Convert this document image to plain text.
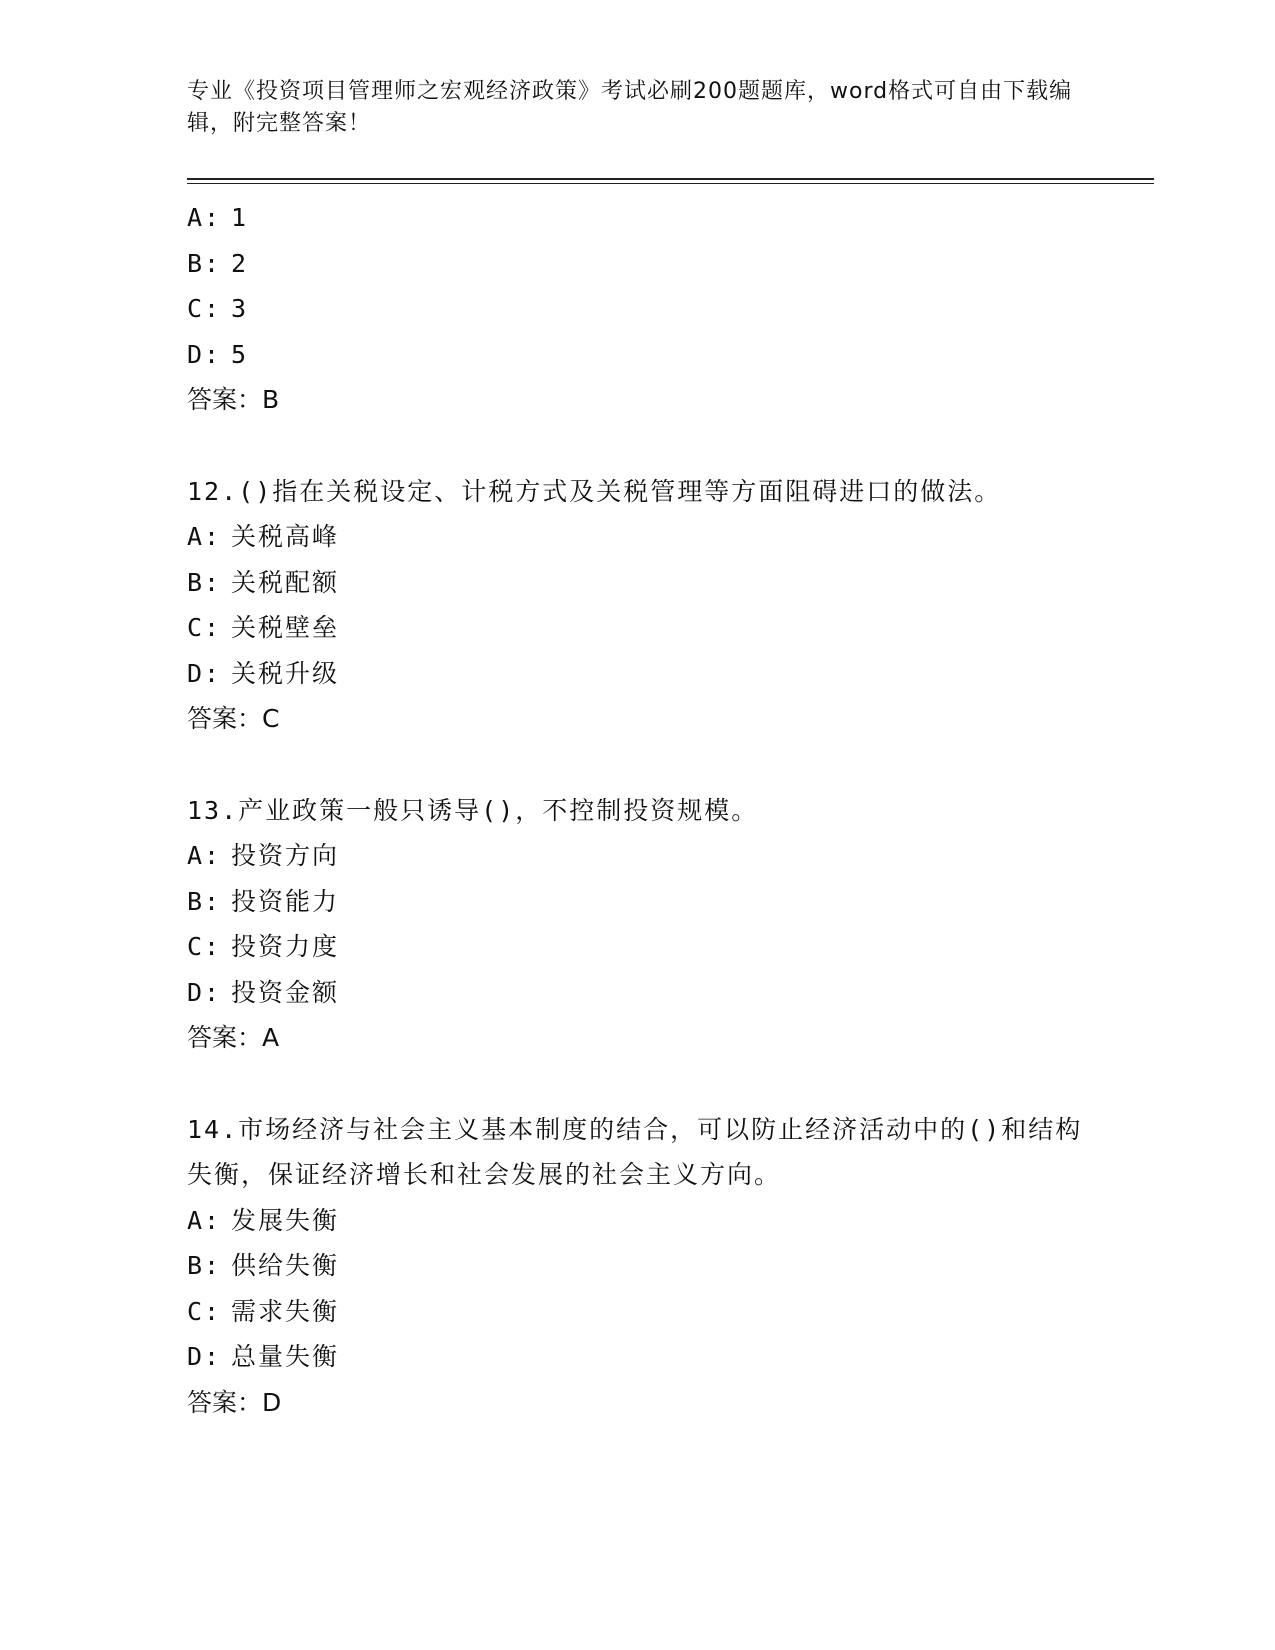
专业《投资项目管理师之宏观经济政策》考试必刷200题题库，word格式可自由下载编辑，附完整答案！
A: 1
B: 2
C: 3
D: 5
答案：B
12.()指在关税设定、计税方式及关税管理等方面阻碍进口的做法。
A: 关税高峰
B: 关税配额
C: 关税壁垒
D: 关税升级
答案：C
13.产业政策一般只诱导()，不控制投资规模。
A: 投资方向
B: 投资能力
C: 投资力度
D: 投资金额
答案：A
14.市场经济与社会主义基本制度的结合，可以防止经济活动中的()和结构失衡，保证经济增长和社会发展的社会主义方向。
A: 发展失衡
B: 供给失衡
C: 需求失衡
D: 总量失衡
答案：D
